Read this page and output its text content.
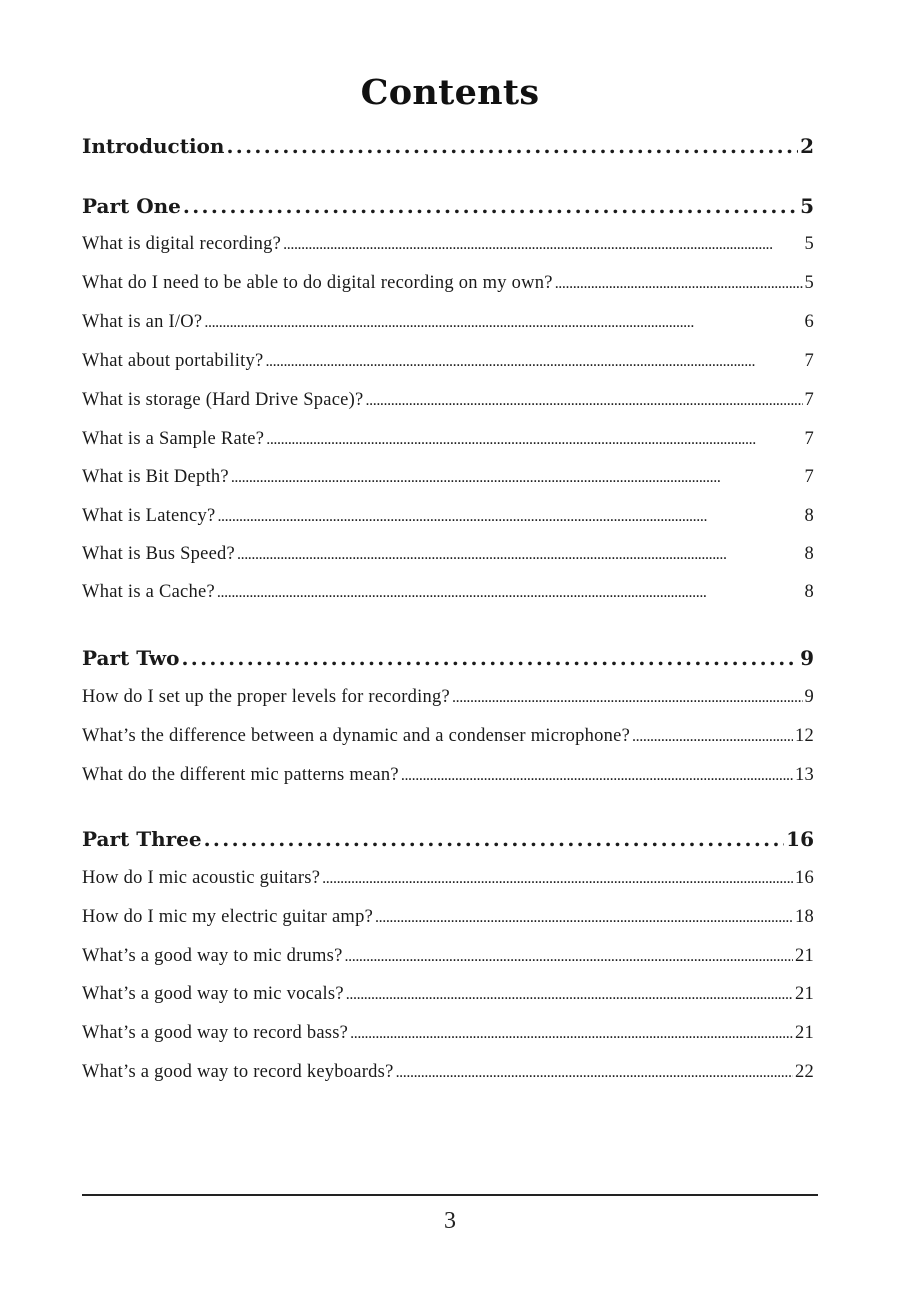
Contents
Introduction . . .	2
Part One . . .	5
What is digital recording? . . .	5
What do I need to be able to do digital recording on my own? . . .	5
What is an I/O? . . .	6
What about portability? . . .	7
What is storage (Hard Drive Space)? . . .	7
What is a Sample Rate? . . .	7
What is Bit Depth? . . .	7
What is Latency? . . .	8
What is Bus Speed? . . .	8
What is a Cache? . . .	8
Part Two . . .	9
How do I set up the proper levels for recording? . . .	9
What’s the difference between a dynamic and a condenser microphone? . . .	12
What do the different mic patterns mean? . . .	13
Part Three . . .	16
How do I mic acoustic guitars? . . .	16
How do I mic my electric guitar amp? . . .	18
What’s a good way to mic drums? . . .	21
What’s a good way to mic vocals? . . .	21
What’s a good way to record bass? . . .	21
What’s a good way to record keyboards? . . .	22
3
